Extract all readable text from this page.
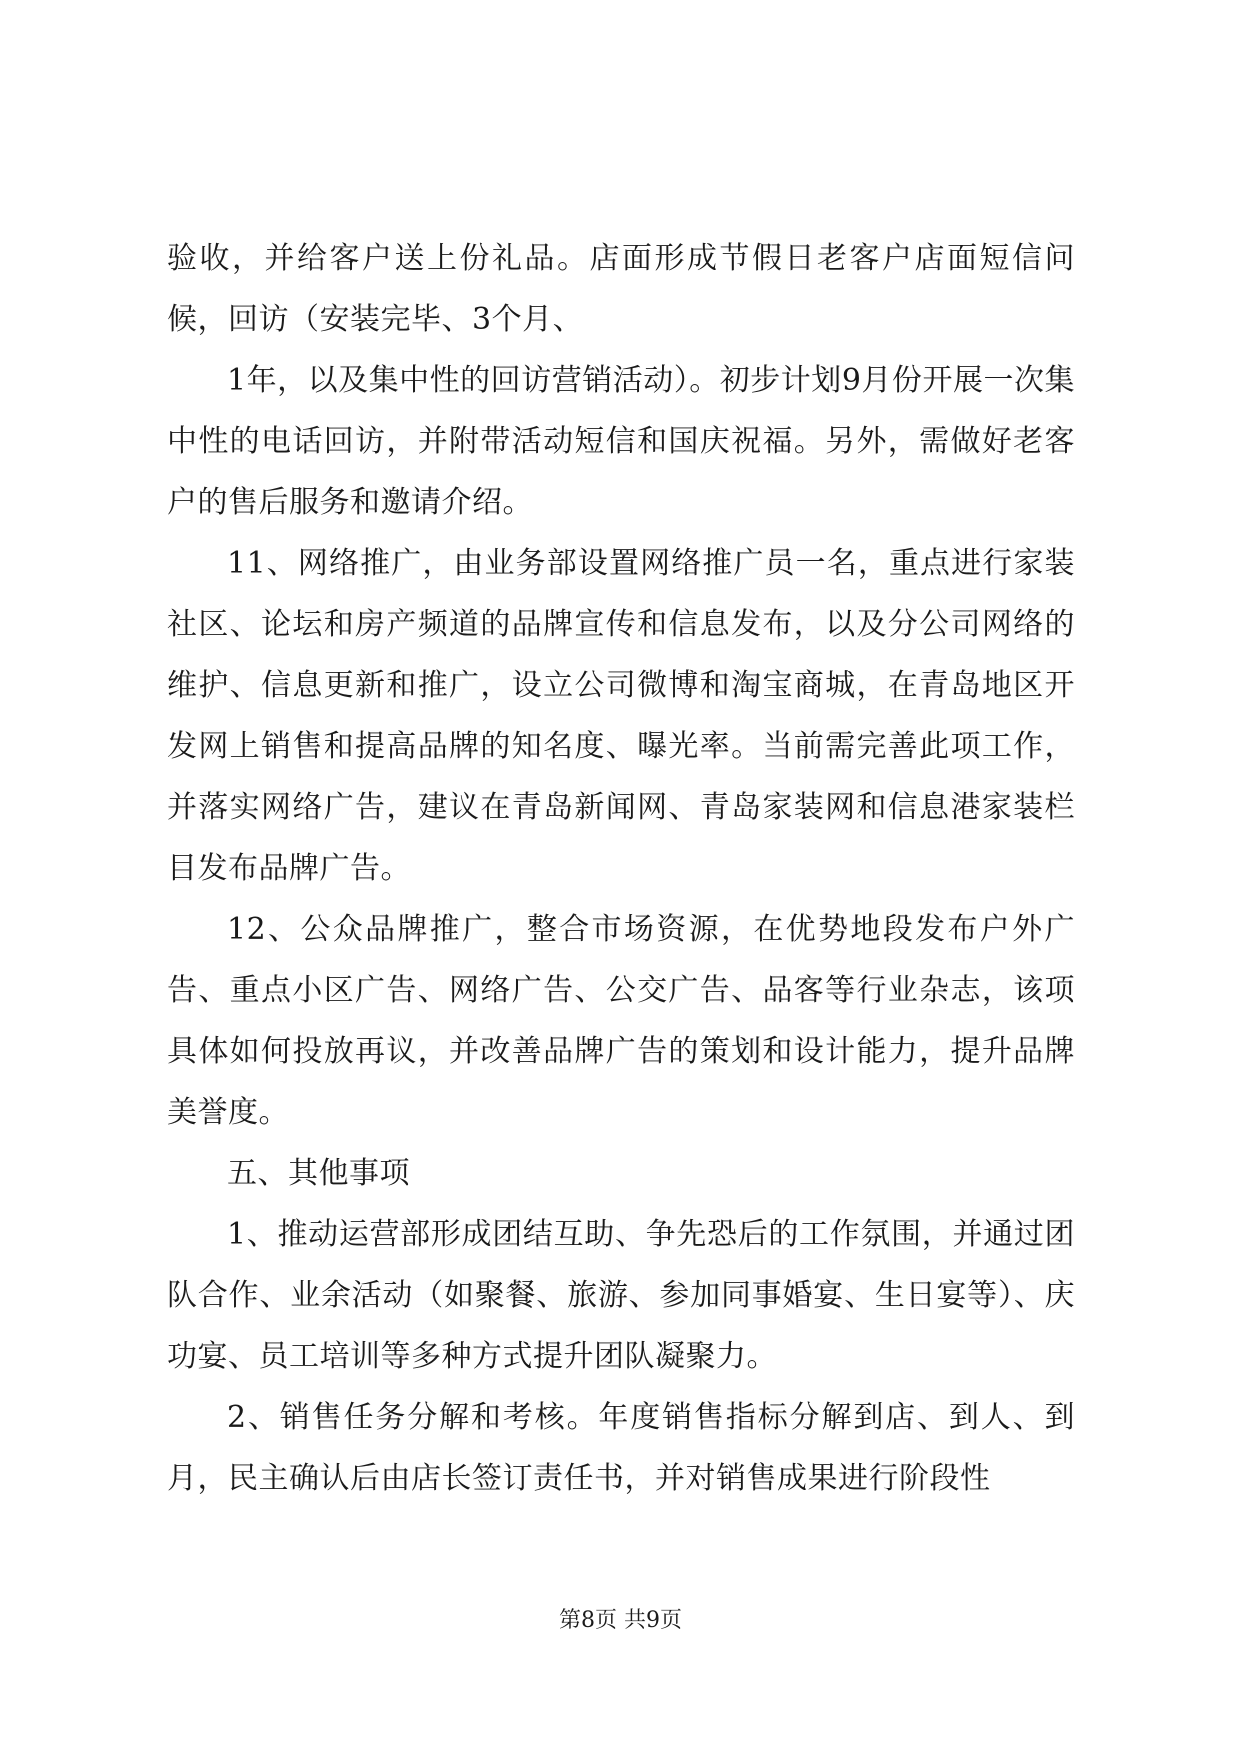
验收，并给客户送上份礼品。店面形成节假日老客户店面短信问候，回访（安装完毕、3个月、

1年，以及集中性的回访营销活动）。初步计划9月份开展一次集中性的电话回访，并附带活动短信和国庆祝福。另外，需做好老客户的售后服务和邀请介绍。

11、网络推广，由业务部设置网络推广员一名，重点进行家装社区、论坛和房产频道的品牌宣传和信息发布，以及分公司网络的维护、信息更新和推广，设立公司微博和淘宝商城，在青岛地区开发网上销售和提高品牌的知名度、曝光率。当前需完善此项工作，并落实网络广告，建议在青岛新闻网、青岛家装网和信息港家装栏目发布品牌广告。

12、公众品牌推广，整合市场资源，在优势地段发布户外广告、重点小区广告、网络广告、公交广告、品客等行业杂志，该项具体如何投放再议，并改善品牌广告的策划和设计能力，提升品牌美誉度。

五、其他事项

1、推动运营部形成团结互助、争先恐后的工作氛围，并通过团队合作、业余活动（如聚餐、旅游、参加同事婚宴、生日宴等）、庆功宴、员工培训等多种方式提升团队凝聚力。

2、销售任务分解和考核。年度销售指标分解到店、到人、到月，民主确认后由店长签订责任书，并对销售成果进行阶段性

第8页 共9页
